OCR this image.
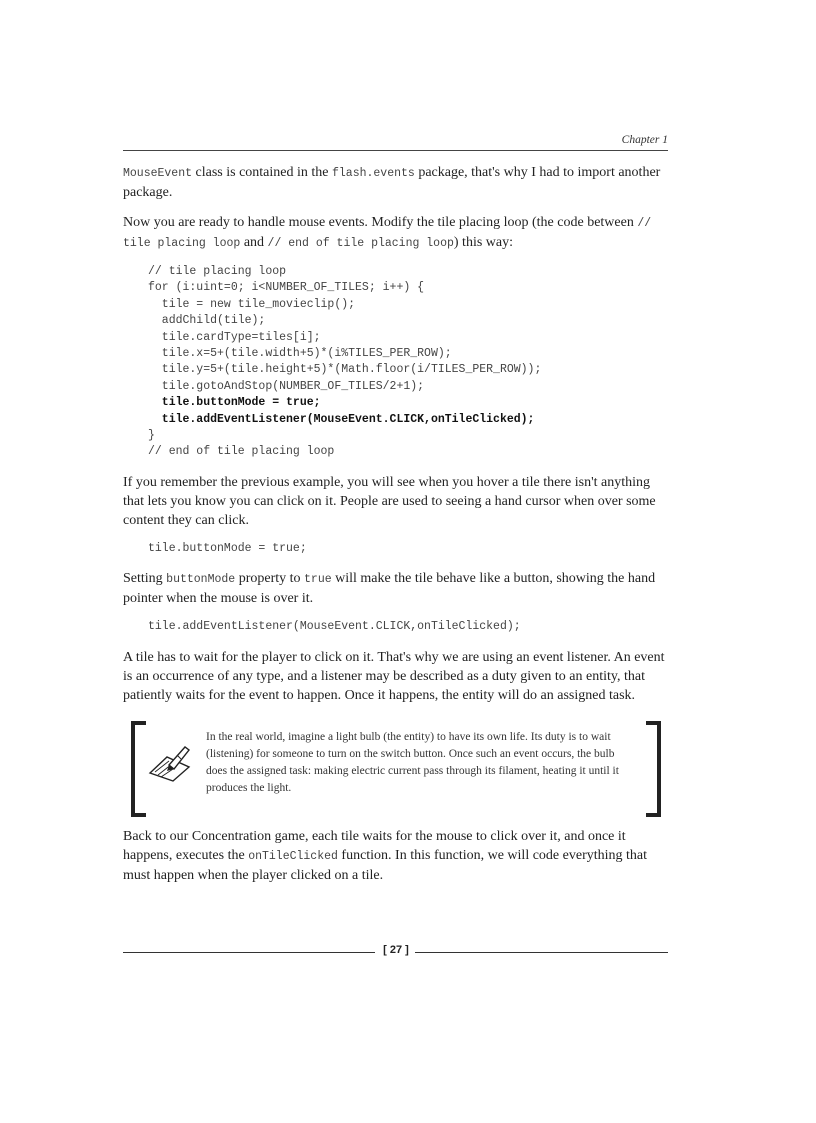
Chapter 1

MouseEvent class is contained in the flash.events package, that's why I had to import another package.

Now you are ready to handle mouse events. Modify the tile placing loop (the code between // tile placing loop and // end of tile placing loop) this way:

// tile placing loop
for (i:uint=0; i<NUMBER_OF_TILES; i++) {
tile = new tile_movieclip();
addChild(tile);
tile.cardType=tiles[i];
tile.x=5+(tile.width+5)*(i%TILES_PER_ROW);
tile.y=5+(tile.height+5)*(Math.floor(i/TILES_PER_ROW));
tile.gotoAndStop(NUMBER_OF_TILES/2+1);
tile.buttonMode = true;
tile.addEventListener(MouseEvent.CLICK,onTileClicked);
}
// end of tile placing loop

If you remember the previous example, you will see when you hover a tile there isn't anything that lets you know you can click on it. People are used to seeing a hand cursor when over some content they can click.

tile.buttonMode = true;

Setting buttonMode property to true will make the tile behave like a button, showing the hand pointer when the mouse is over it.

tile.addEventListener(MouseEvent.CLICK,onTileClicked);

A tile has to wait for the player to click on it. That's why we are using an event listener. An event is an occurrence of any type, and a listener may be described as a duty given to an entity, that patiently waits for the event to happen. Once it happens, the entity will do an assigned task.

In the real world, imagine a light bulb (the entity) to have its own life. Its duty is to wait (listening) for someone to turn on the switch button. Once such an event occurs, the bulb does the assigned task: making electric current pass through its filament, heating it until it produces the light.

Back to our Concentration game, each tile waits for the mouse to click over it, and once it happens, executes the onTileClicked function. In this function, we will code everything that must happen when the player clicked on a tile.

[ 27 ]
